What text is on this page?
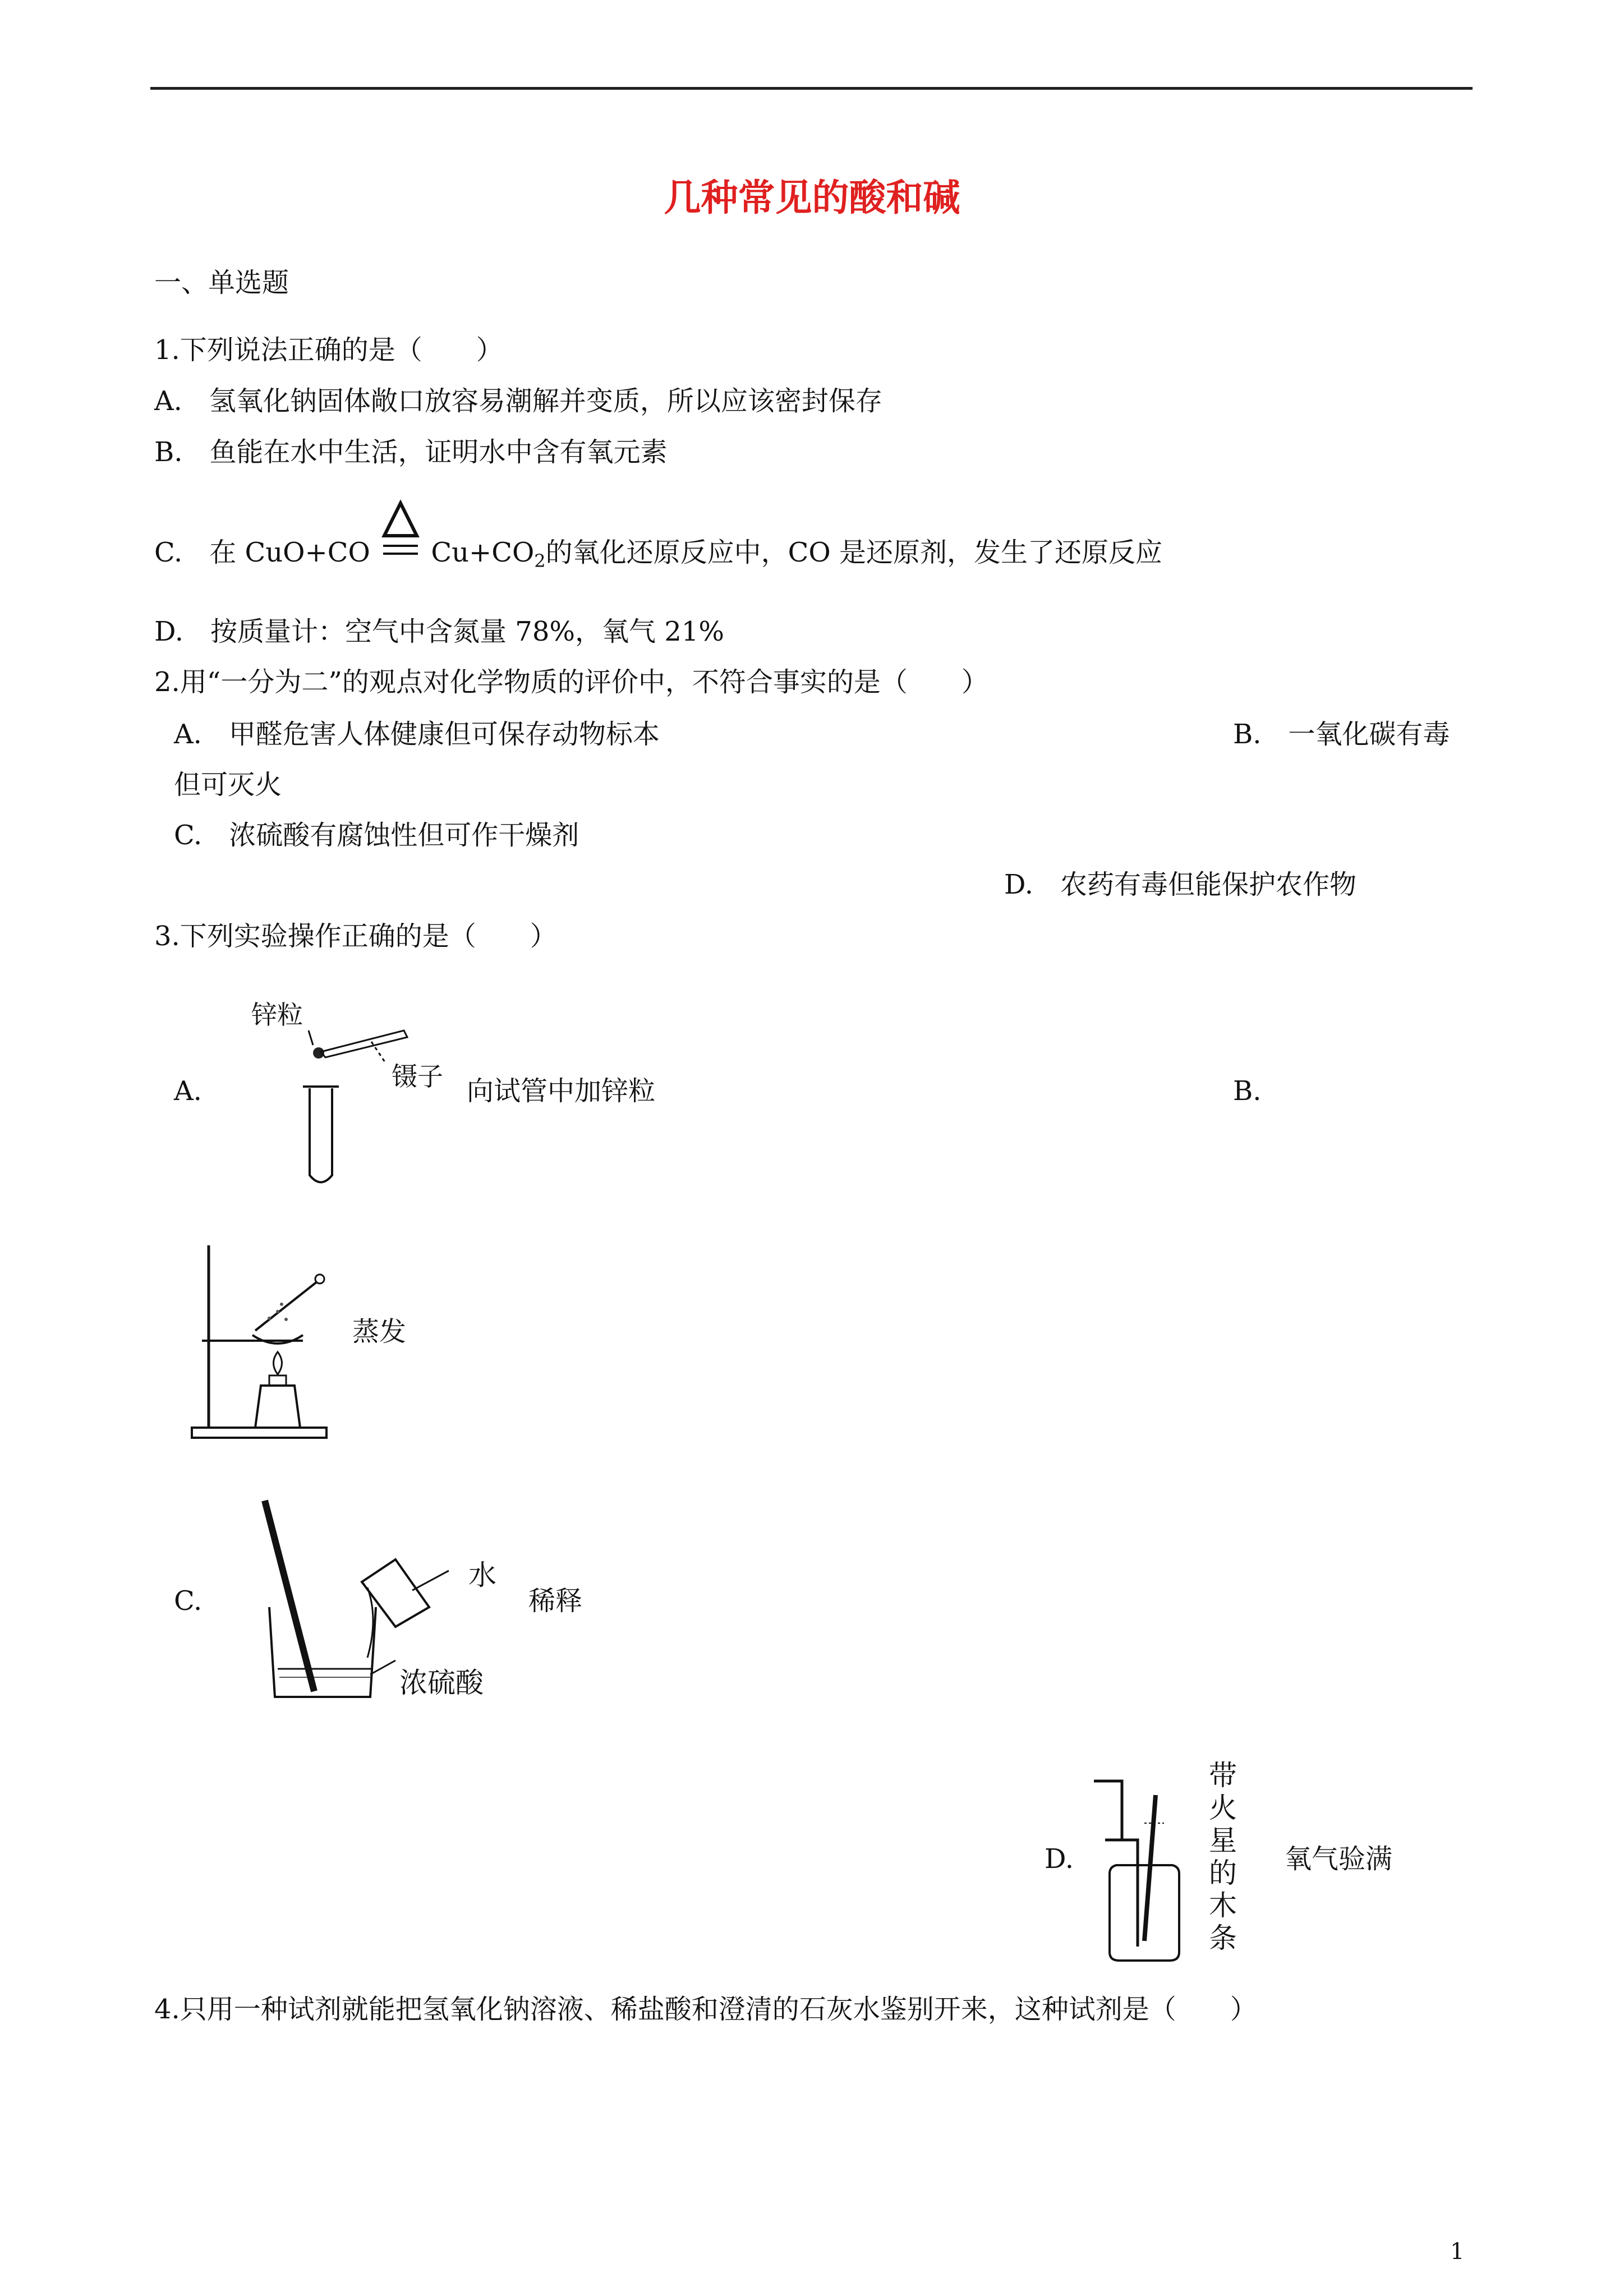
几种常见的酸和碱
一、单选题
1.下列说法正确的是（　　）
A.　氢氧化钠固体敞口放容易潮解并变质，所以应该密封保存
B.　鱼能在水中生活，证明水中含有氧元素
C.　在 CuO+CO $Cu+CO_2$的氧化还原反应中，CO 是还原剂，发生了还原反应
D.　按质量计：空气中含氮量 78%，氧气 21%
2.用“一分为二”的观点对化学物质的评价中，不符合事实的是（　　）
A.　甲醛危害人体健康但可保存动物标本	B.　一氧化碳有毒
但可灭火
C.　浓硫酸有腐蚀性但可作干燥剂
D.　农药有毒但能保护农作物
3.下列实验操作正确的是（　　）
A.
锌粒
镊子 向试管中加锌粒	B.
蒸发
C.
水
浓硫酸
稀释
D.
带火星的木条
氧气验满
4.只用一种试剂就能把氢氧化钠溶液、稀盐酸和澄清的石灰水鉴别开来，这种试剂是（　　）
1
